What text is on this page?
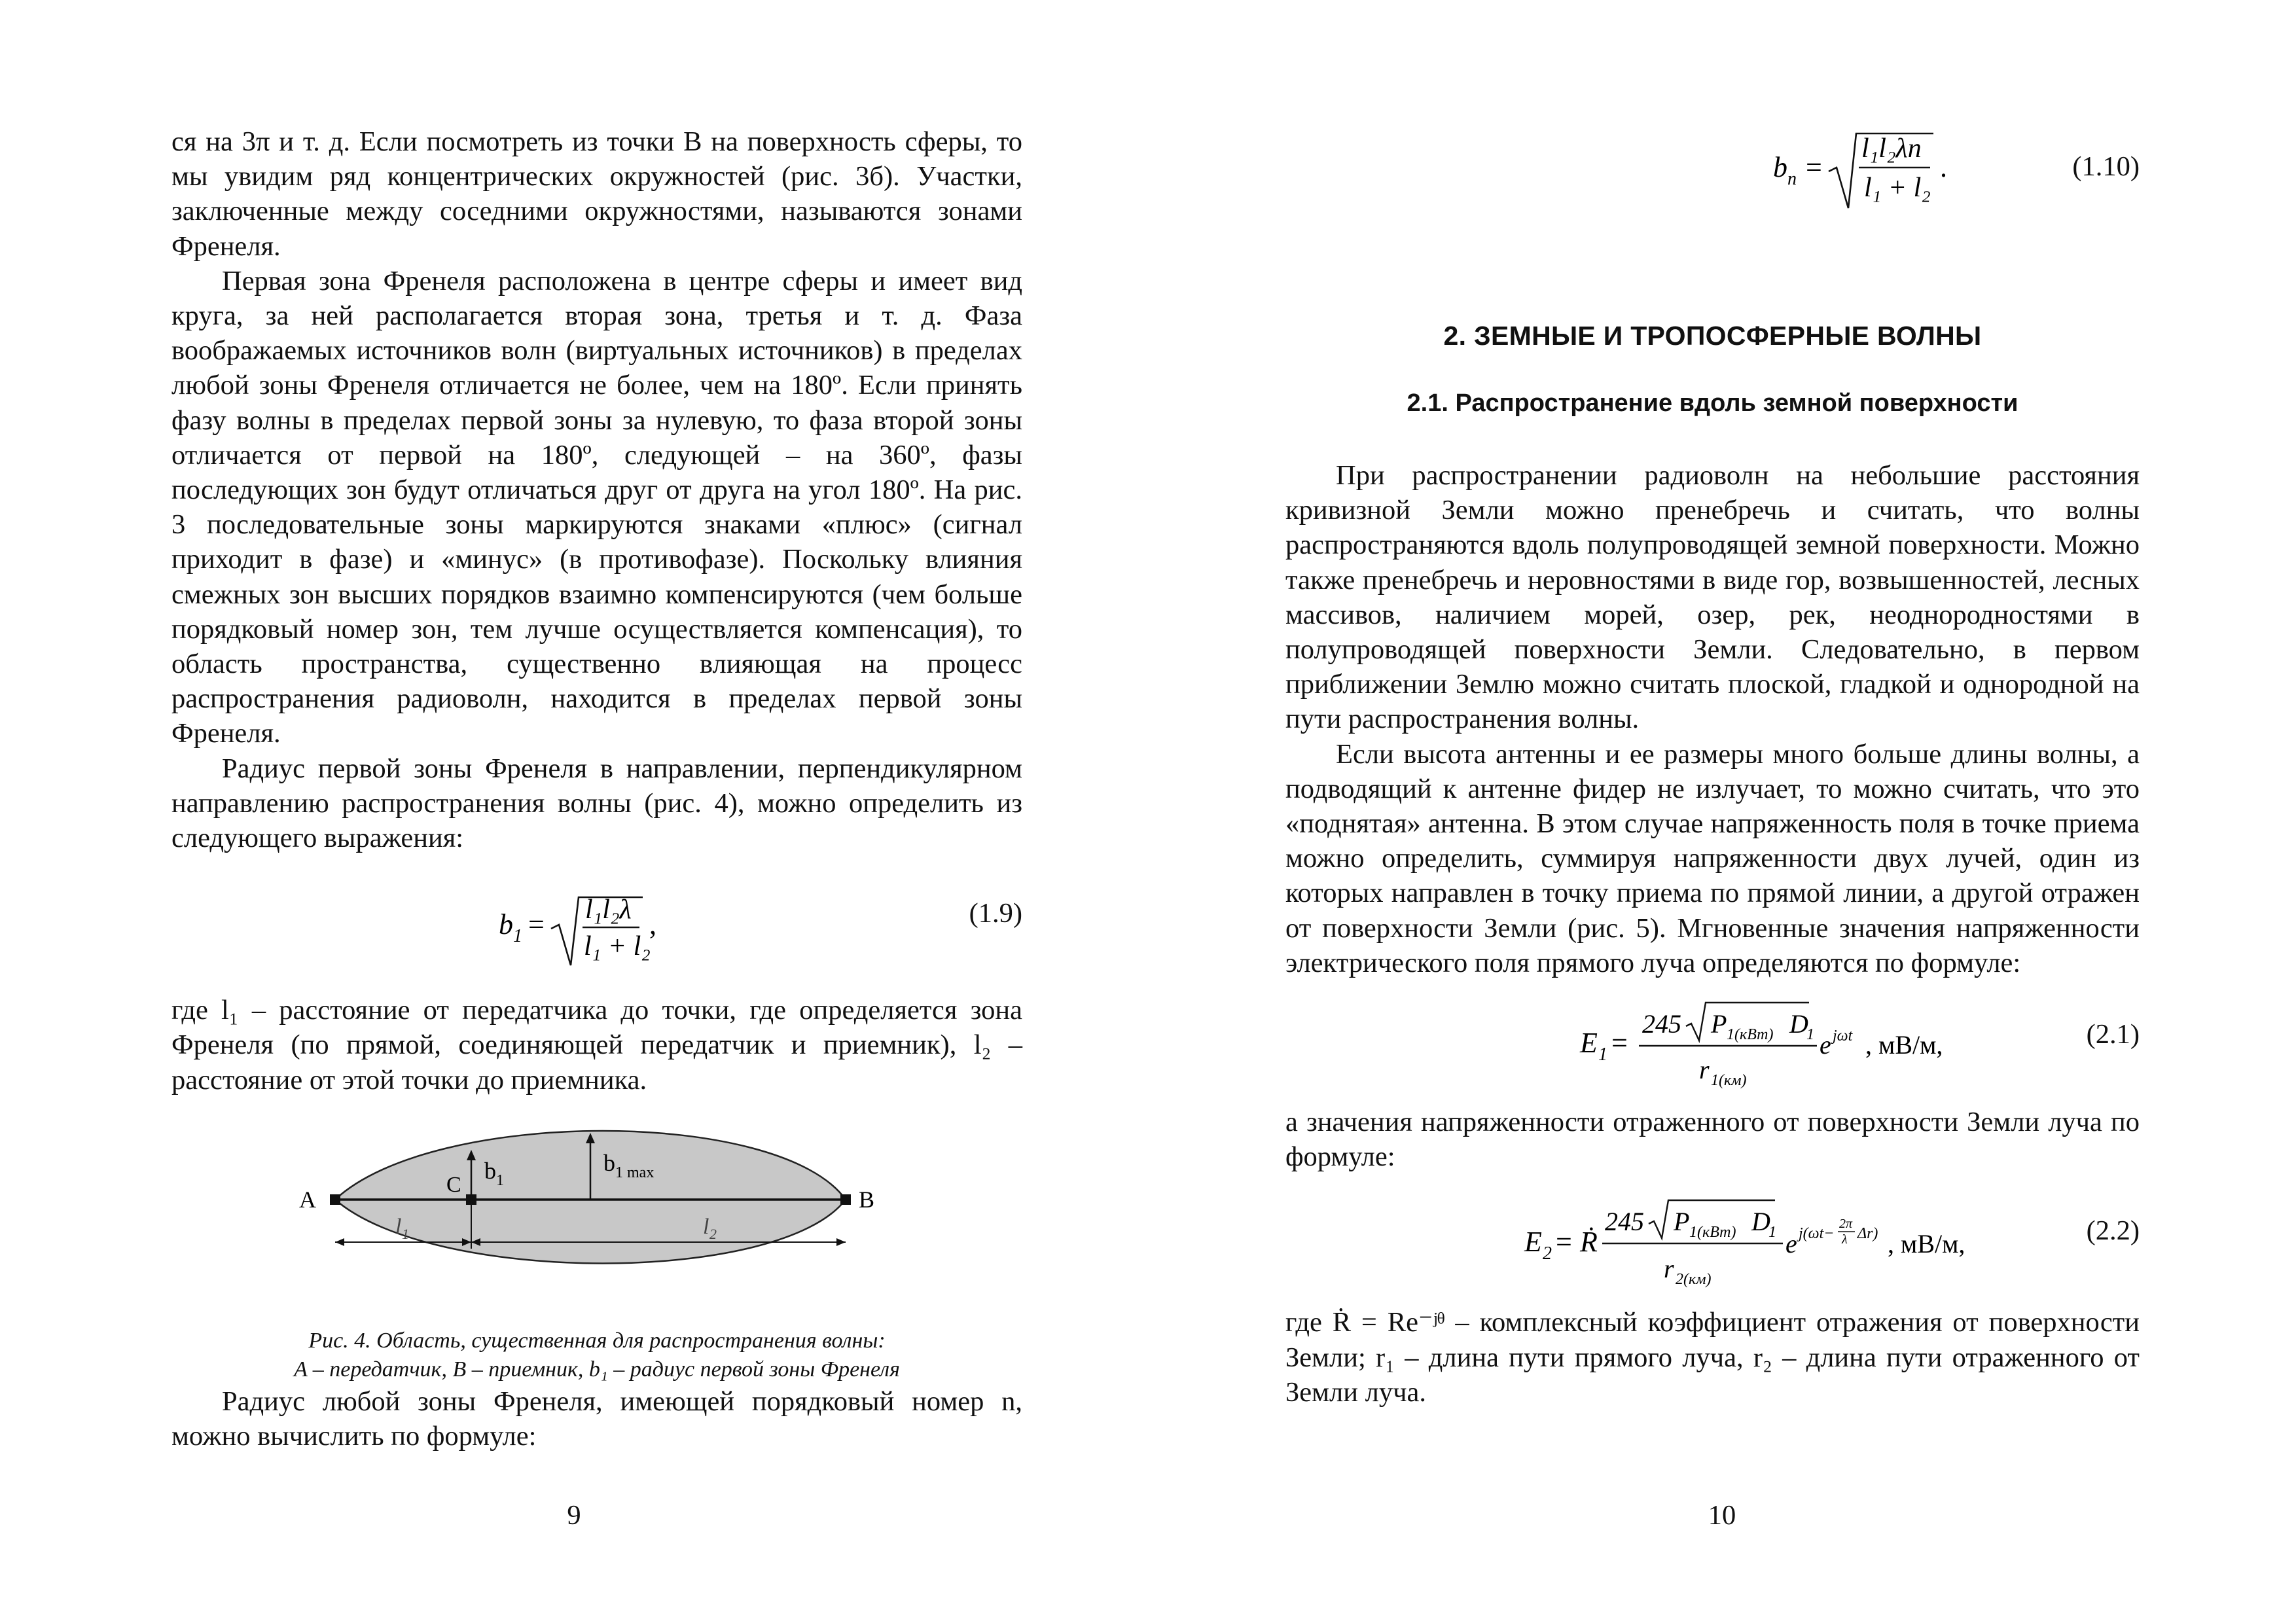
ся на 3π и т. д. Если посмотреть из точки B на поверхность сферы, то мы увидим ряд концентрических окружностей (рис. 3б). Участки, заключенные между соседними окружностями, называются зонами Френеля.

Первая зона Френеля расположена в центре сферы и имеет вид круга, за ней располагается вторая зона, третья и т. д. Фаза воображаемых источников волн (виртуальных источников) в пределах любой зоны Френеля отличается не более, чем на 180º. Если принять фазу волны в пределах первой зоны за нулевую, то фаза второй зоны отличается от первой на 180º, следующей – на 360º, фазы последующих зон будут отличаться друг от друга на угол 180º. На рис. 3 последовательные зоны маркируются знаками «плюс» (сигнал приходит в фазе) и «минус» (в противофазе). Поскольку влияния смежных зон высших порядков взаимно компенсируются (чем больше порядковый номер зон, тем лучше осуществляется компенсация), то область пространства, существенно влияющая на процесс распространения радиоволн, находится в пределах первой зоны Френеля.

Радиус первой зоны Френеля в направлении, перпендикулярном направлению распространения волны (рис. 4), можно определить из следующего выражения:

b 1 = l₁l₂λ
l₁ + l₂
,	(1.9)

где l₁ – расстояние от передатчика до точки, где определяется зона Френеля (по прямой, соединяющей передатчик и приемник), l₂ – расстояние от этой точки до приемника.

A	B
C
b 1
b 1 max
l 1	l 2

Рис. 4. Область, существенная для распространения волны:

A – передатчик, B – приемник, b₁ – радиус первой зоны Френеля

Радиус любой зоны Френеля, имеющей порядковый номер n, можно вычислить по формуле:

9
b n =
l₁l₂λn
l₁ + l₂
.	(1.10)
2. ЗЕМНЫЕ И ТРОПОСФЕРНЫЕ ВОЛНЫ
2.1. Распространение вдоль земной поверхности

При распространении радиоволн на небольшие расстояния кривизной Земли можно пренебречь и считать, что волны распространяются вдоль полупроводящей земной поверхности. Можно также пренебречь и неровностями в виде гор, возвышенностей, лесных массивов, наличием морей, озер, рек, неоднородностями в полупроводящей поверхности Земли. Следовательно, в первом приближении Землю можно считать плоской, гладкой и однородной на пути распространения волны.

Если высота антенны и ее размеры много больше длины волны, а подводящий к антенне фидер не излучает, то можно считать, что это «поднятая» антенна. В этом случае напряженность поля в точке приема можно определить, суммируя напряженности двух лучей, один из которых направлен в точку приема по прямой линии, а другой отражен от поверхности Земли (рис. 5). Мгновенные значения напряженности электрического поля прямого луча определяются по формуле:

E 1 =
245 P 1(кВт) D
1
r 1(км)
e jωt , мВ/м,	(2.1)

а значения напряженности отраженного от поверхности Земли луча по формуле:

E 2 = Ṙ
245 P 1(кВт) D
1
r 2(км)
e j(ωt−
2π
λ Δr) , мВ/м,	(2.2)

где Ṙ = Re⁻ʲᶿ – комплексный коэффициент отражения от поверхности Земли; r₁ – длина пути прямого луча, r₂ – длина пути отраженного от Земли луча.

10
